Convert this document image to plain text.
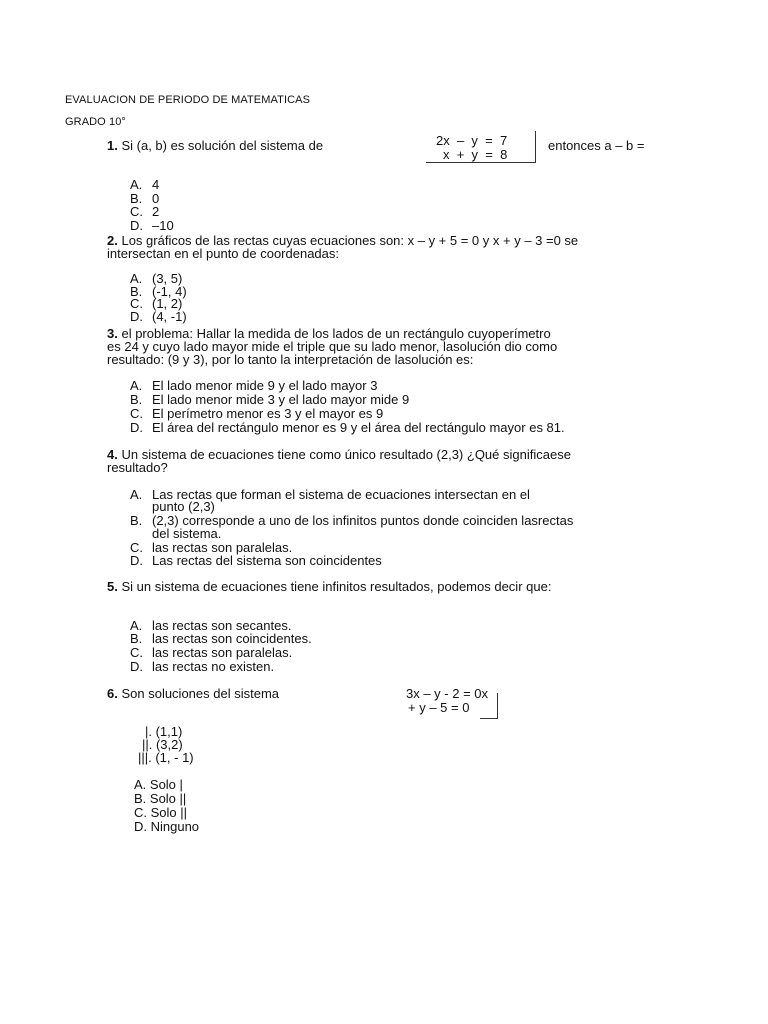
EVALUACION DE PERIODO DE MATEMATICAS
GRADO 10°
1. Si (a, b) es solución del sistema de	2x  –  y  =  7
x  +  y  =  8
entonces a – b =
A. 4
B. 0
C. 2
D. –10
2. Los gráficos de las rectas cuyas ecuaciones son: x – y + 5 = 0 y x + y – 3 =0 se
intersectan en el punto de coordenadas:
A. (3, 5)
B. (-1, 4)
C. (1, 2)
D. (4, -1)
3. el problema: Hallar la medida de los lados de un rectángulo cuyoperímetro
es 24 y cuyo lado mayor mide el triple que su lado menor, lasolución dio como
resultado: (9 y 3), por lo tanto la interpretación de lasolución es:
A. El lado menor mide 9 y el lado mayor 3
B. El lado menor mide 3 y el lado mayor mide 9
C. El perímetro menor es 3 y el mayor es 9
D. El área del rectángulo menor es 9 y el área del rectángulo mayor es 81.
4. Un sistema de ecuaciones tiene como único resultado (2,3) ¿Qué significaese
resultado?
A. Las rectas que forman el sistema de ecuaciones intersectan en el
punto (2,3)
B. (2,3) corresponde a uno de los infinitos puntos donde coinciden lasrectas
del sistema.
C. las rectas son paralelas.
D. Las rectas del sistema son coincidentes
5. Si un sistema de ecuaciones tiene infinitos resultados, podemos decir que:
A. las rectas son secantes.
B. las rectas son coincidentes.
C. las rectas son paralelas.
D. las rectas no existen.
6. Son soluciones del sistema	3x – y - 2 = 0x
+ y – 5 = 0
|. (1,1)
||. (3,2)
|||. (1, - 1)
A. Solo |
B. Solo ||
C. Solo ||
D. Ninguno
